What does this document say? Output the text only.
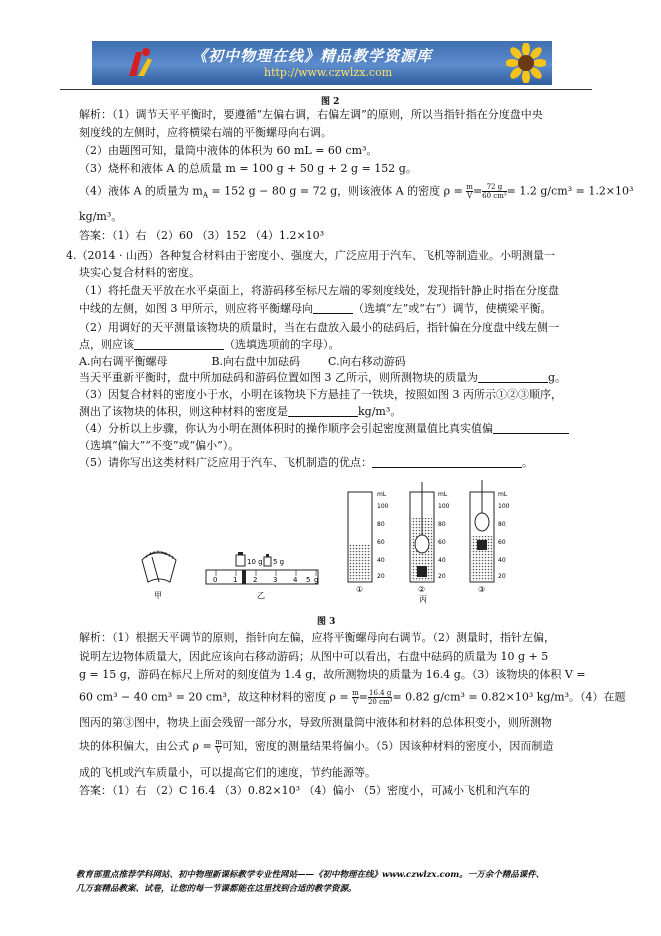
《初中物理在线》精品教学资源库
http://www.czwlzx.com
图 2
解析：（1）调节天平平衡时，要遵循“左偏右调，右偏左调”的原则，所以当指针指在分度盘中央
刻度线的左侧时，应将横梁右端的平衡螺母向右调。
（2）由题图可知，量筒中液体的体积为 60 mL = 60 cm³。
（3）烧杯和液体 A 的总质量 m = 100 g + 50 g + 2 g = 152 g。
（4）液体 A 的质量为 $m_A = 152$ g − 80 g = 72 g，则该液体 A 的密度 $\rho = \frac{m}{V} = \frac{72 g}{\text{60 cm³}} = 1.2$ g/cm³ = 1.2×10³
kg/m³。
答案：（1）右 （2）60 （3）152 （4）1.2×10³
4.（2014 · 山西）各种复合材料由于密度小、强度大，广泛应用于汽车、飞机等制造业。小明测量一
块实心复合材料的密度。
（1）将托盘天平放在水平桌面上，将游码移至标尺左端的零刻度线处，发现指针静止时指在分度盘
中线的左侧，如图 3 甲所示，则应将平衡螺母向	（选填“左”或“右”）调节，使横梁平衡。
（2）用调好的天平测量该物块的质量时，当在右盘放入最小的砝码后，指针偏在分度盘中线左侧一
点，则应该	（选填选项前的字母）。
A.向右调平衡螺母	B.向右盘中加砝码	C.向右移动游码
当天平重新平衡时，盘中所加砝码和游码位置如图 3 乙所示，则所测物块的质量为	g。
（3）因复合材料的密度小于水，小明在该物块下方悬挂了一铁块，按照如图 3 丙所示①②③顺序，
测出了该物块的体积，则这种材料的密度是	kg/m³。
（4）分析以上步骤，你认为小明在测体积时的操作顺序会引起密度测量值比真实值偏
（选填“偏大”“不变”或“偏小”）。
（5）请你写出这类材料广泛应用于汽车、飞机制造的优点：	。
甲
10 g 5 g
0 1 2 3 4 5 g
乙
mL
100
80
60
40
20
mL
100
80
60
40
20
mL
100
80
60
40
20
①	②	③
丙
图 3
解析：（1）根据天平调节的原则，指针向左偏，应将平衡螺母向右调节。（2）测量时，指针左偏，
说明左边物体质量大，因此应该向右移动游码；从图中可以看出，右盘中砝码的质量为 10 g + 5
g = 15 g，游码在标尺上所对的刻度值为 1.4 g，故所测物块的质量为 16.4 g。（3）该物块的体积 V =
60 cm³ − 40 cm³ = 20 cm³，故这种材料的密度 $\rho = \frac{m}{V} = \frac{16.4 g}{\text{20 cm³}} = 0.82$ g/cm³ = 0.82×10³ kg/m³。（4）在题
图丙的第③图中，物块上面会残留一部分水，导致所测量筒中液体和材料的总体积变小，则所测物
块的体积偏大，由公式 $\rho = \frac{m}{V}$ 可知，密度的测量结果将偏小。（5）因该种材料的密度小，因而制造
成的飞机或汽车质量小，可以提高它们的速度，节约能源等。
答案：（1）右 （2）C 16.4 （3）0.82×10³ （4）偏小 （5）密度小，可减小飞机和汽车的
教育部重点推荐学科网站、初中物理新课标教学专业性网站——《初中物理在线》www.czwlzx.com。一万余个精品课件、
几万套精品教案、试卷，让您的每一节课都能在这里找到合适的教学资源。
